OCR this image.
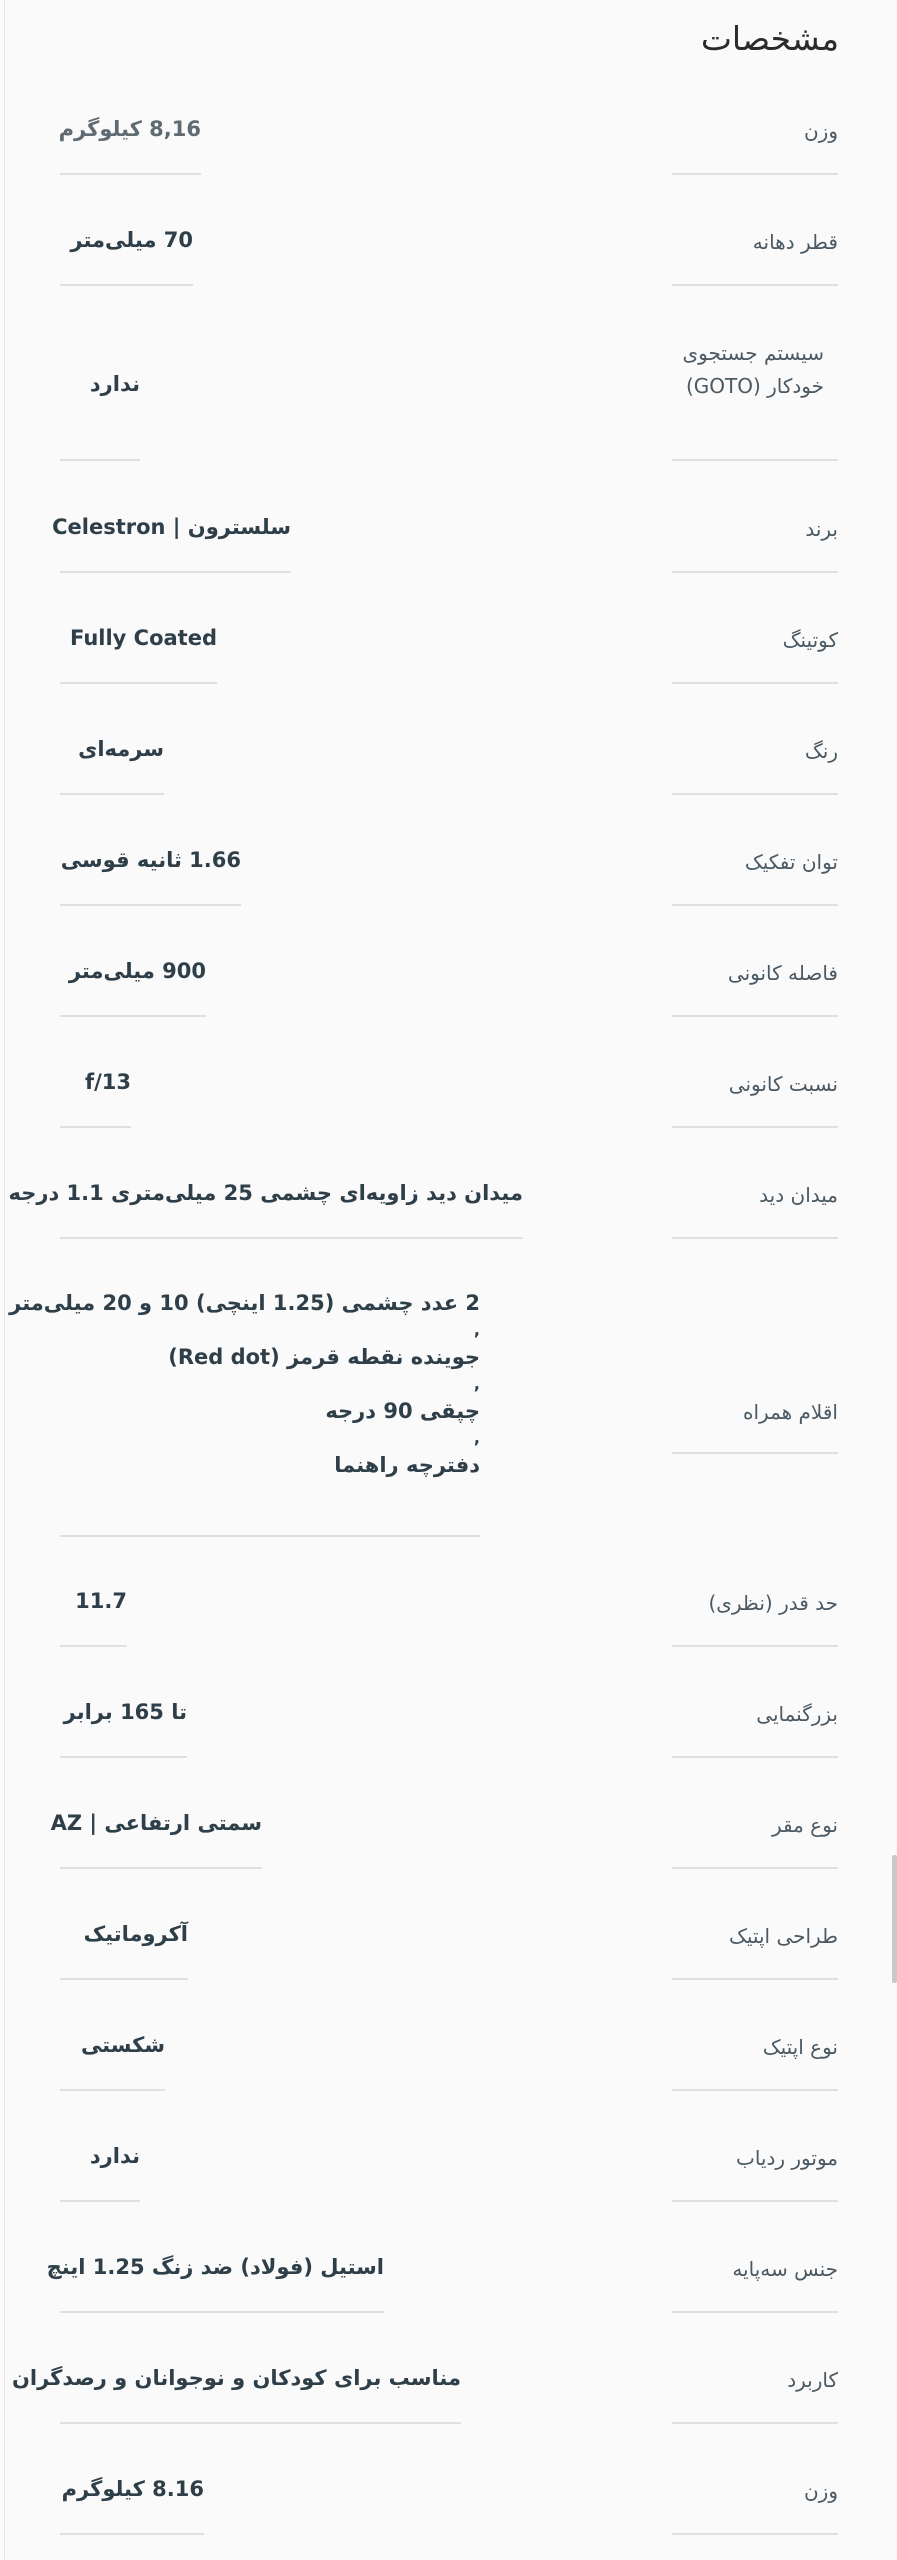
مشخصات
وزن
8,16 کیلوگرم
قطر دهانه
70 میلی‌متر
سیستم جستجوی خودکار (GOTO)
ندارد
برند
سلسترون | Celestron
کوتینگ
Fully Coated
رنگ
سرمه‌ای
توان تفکیک
1.66 ثانیه قوسی
فاصله کانونی
900 میلی‌متر
نسبت کانونی
f/13
میدان دید
میدان دید زاویه‌ای چشمی 25 میلی‌متری 1.1 درجه
اقلام همراه
2 عدد چشمی (1.25 اینچی) 10 و 20 میلی‌متر
,
جوینده نقطه قرمز (Red dot)
,
چپقی 90 درجه
,
دفترچه راهنما
حد قدر (نظری)
11.7
بزرگنمایی
تا 165 برابر
نوع مقر
سمتی ارتفاعی | AZ
طراحی اپتیک
آکروماتیک
نوع اپتیک
شکستی
موتور ردیاب
ندارد
جنس سه‌پایه
استیل (فولاد) ضد زنگ 1.25 اینچ
کاربرد
مناسب برای کودکان و نوجوانان و رصدگران
وزن
8.16 کیلوگرم
